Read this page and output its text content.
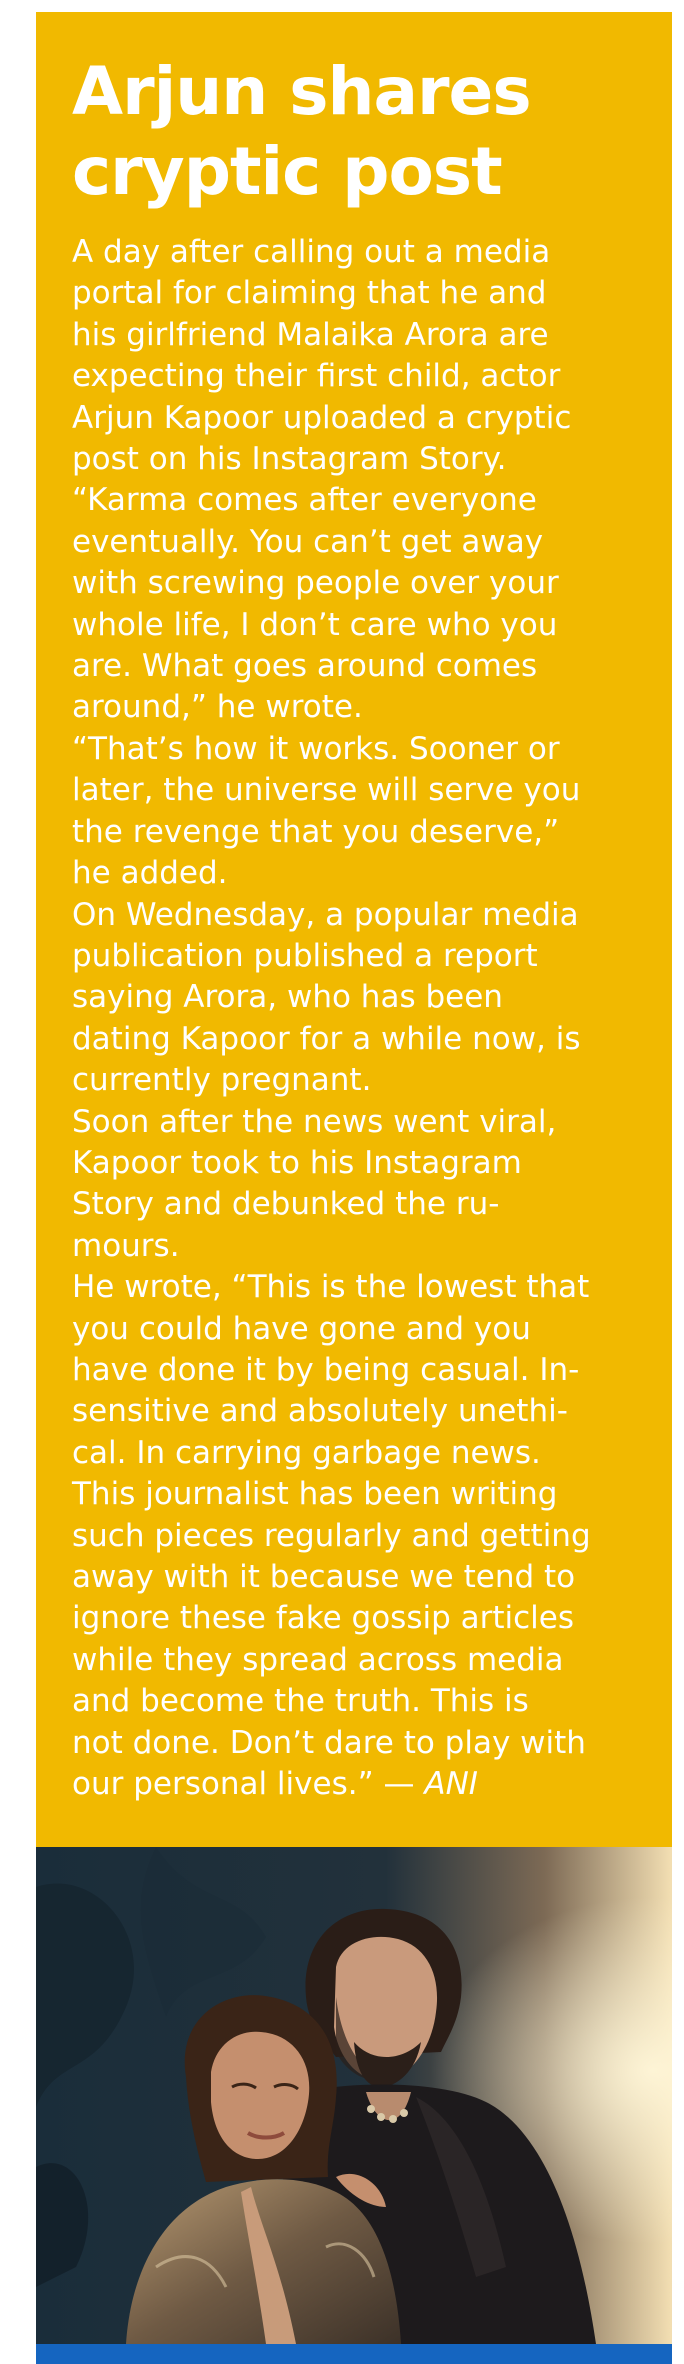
Arjun shares
cryptic post

A day after calling out a media
portal for claiming that he and
his girlfriend Malaika Arora are
expecting their first child, actor
Arjun Kapoor uploaded a cryptic
post on his Instagram Story.

“Karma comes after everyone
eventually. You can’t get away
with screwing people over your
whole life, I don’t care who you
are. What goes around comes
around,” he wrote.

“That’s how it works. Sooner or
later, the universe will serve you
the revenge that you deserve,”
he added.

On Wednesday, a popular media
publication published a report
saying Arora, who has been
dating Kapoor for a while now, is
currently pregnant.

Soon after the news went viral,
Kapoor took to his Instagram
Story and debunked the ru-
mours.

He wrote, “This is the lowest that
you could have gone and you
have done it by being casual. In-
sensitive and absolutely unethi-
cal. In carrying garbage news.
This journalist has been writing
such pieces regularly and getting
away with it because we tend to
ignore these fake gossip articles
while they spread across media
and become the truth. This is
not done. Don’t dare to play with
our personal lives.” — ANI
